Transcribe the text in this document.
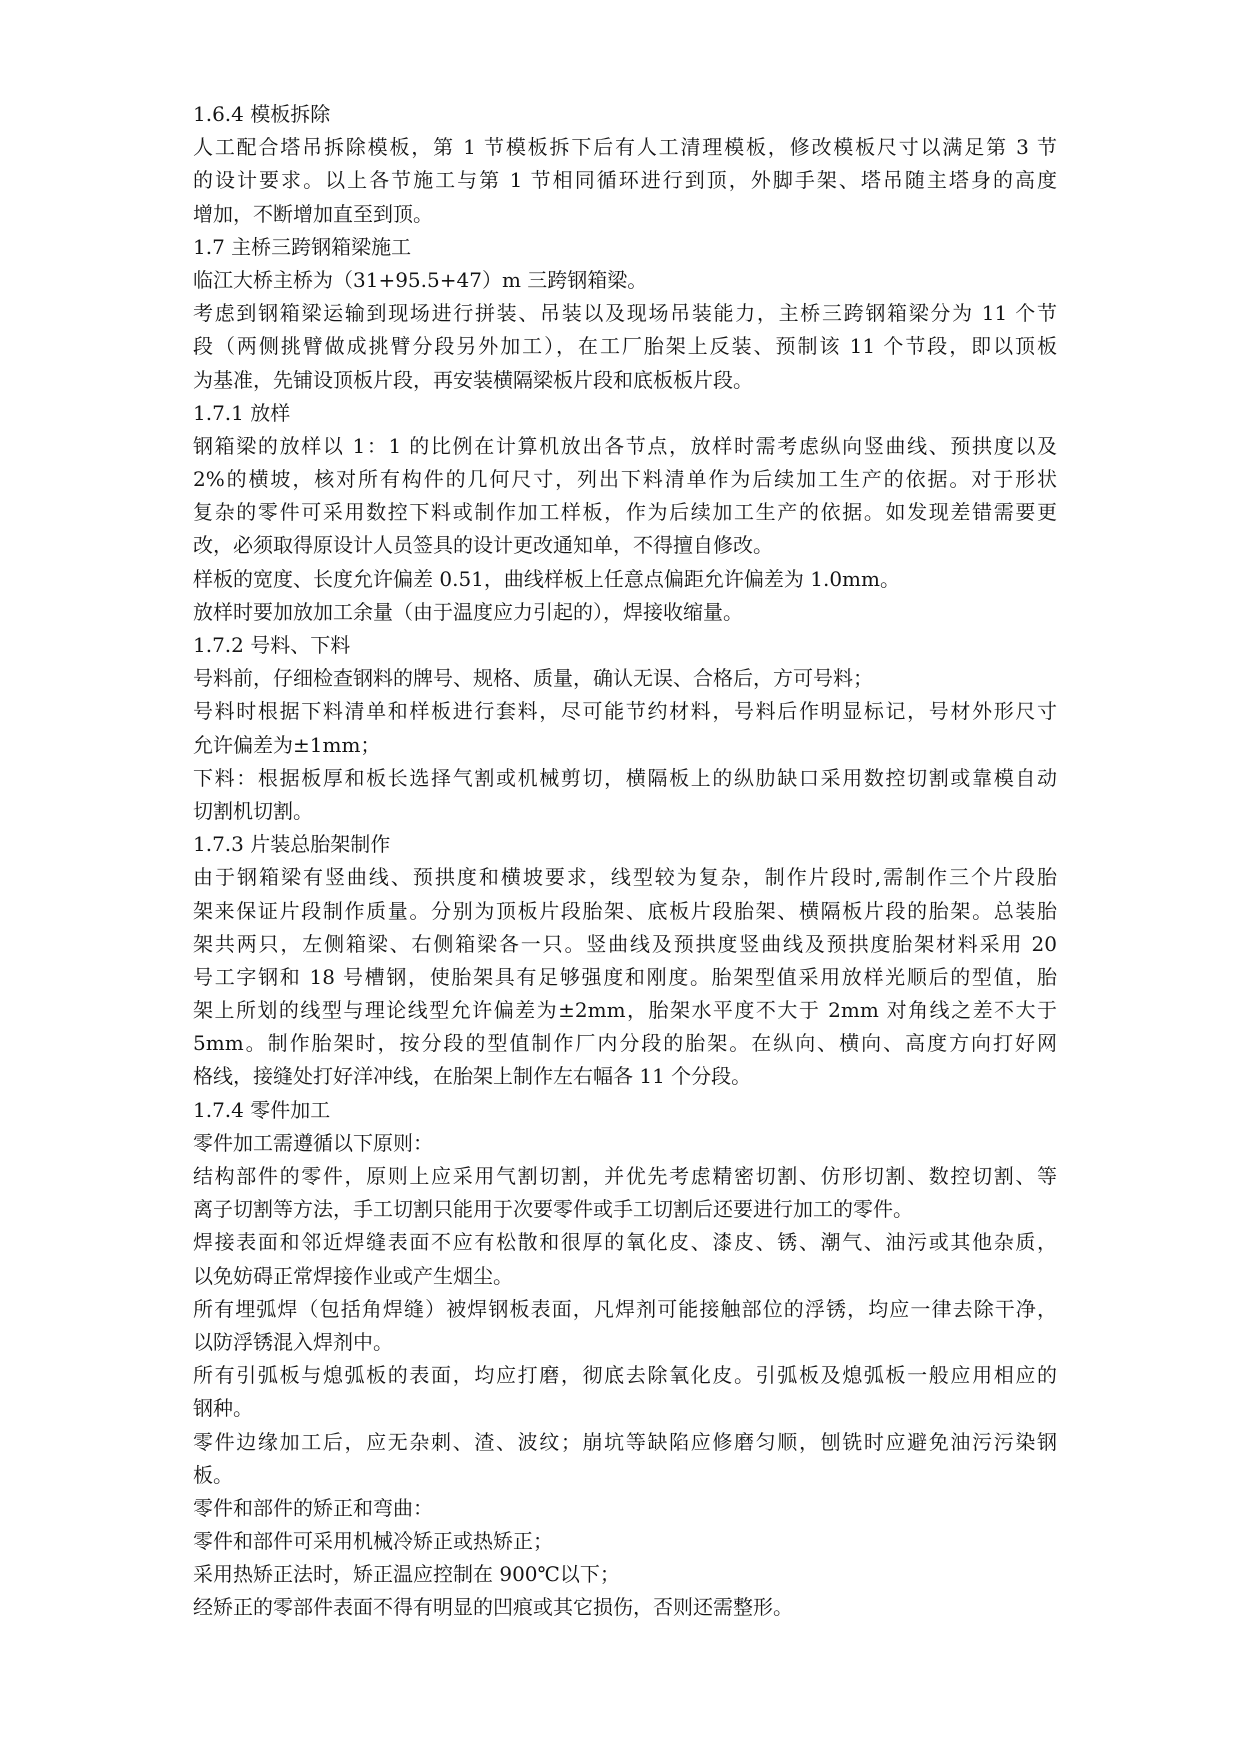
1.6.4 模板拆除
人工配合塔吊拆除模板，第 1 节模板拆下后有人工清理模板，修改模板尺寸以满足第 3 节
的设计要求。以上各节施工与第 1 节相同循环进行到顶，外脚手架、塔吊随主塔身的高度
增加，不断增加直至到顶。
1.7 主桥三跨钢箱梁施工
临江大桥主桥为（31+95.5+47）m 三跨钢箱梁。
考虑到钢箱梁运输到现场进行拼装、吊装以及现场吊装能力，主桥三跨钢箱梁分为 11 个节
段（两侧挑臂做成挑臂分段另外加工），在工厂胎架上反装、预制该 11 个节段，即以顶板
为基准，先铺设顶板片段，再安装横隔梁板片段和底板板片段。
1.7.1 放样
钢箱梁的放样以 1：1 的比例在计算机放出各节点，放样时需考虑纵向竖曲线、预拱度以及
2%的横坡，核对所有构件的几何尺寸，列出下料清单作为后续加工生产的依据。对于形状
复杂的零件可采用数控下料或制作加工样板，作为后续加工生产的依据。如发现差错需要更
改，必须取得原设计人员签具的设计更改通知单，不得擅自修改。
样板的宽度、长度允许偏差 0.51，曲线样板上任意点偏距允许偏差为 1.0mm。
放样时要加放加工余量（由于温度应力引起的），焊接收缩量。
1.7.2 号料、下料
号料前，仔细检查钢料的牌号、规格、质量，确认无误、合格后，方可号料；
号料时根据下料清单和样板进行套料，尽可能节约材料，号料后作明显标记，号材外形尺寸
允许偏差为±1mm；
下料：根据板厚和板长选择气割或机械剪切，横隔板上的纵肋缺口采用数控切割或靠模自动
切割机切割。
1.7.3 片装总胎架制作
由于钢箱梁有竖曲线、预拱度和横坡要求，线型较为复杂，制作片段时,需制作三个片段胎
架来保证片段制作质量。分别为顶板片段胎架、底板片段胎架、横隔板片段的胎架。总装胎
架共两只，左侧箱梁、右侧箱梁各一只。竖曲线及预拱度竖曲线及预拱度胎架材料采用 20
号工字钢和 18 号槽钢，使胎架具有足够强度和刚度。胎架型值采用放样光顺后的型值，胎
架上所划的线型与理论线型允许偏差为±2mm，胎架水平度不大于 2mm 对角线之差不大于
5mm。制作胎架时，按分段的型值制作厂内分段的胎架。在纵向、横向、高度方向打好网
格线，接缝处打好洋冲线，在胎架上制作左右幅各 11 个分段。
1.7.4 零件加工
零件加工需遵循以下原则：
结构部件的零件，原则上应采用气割切割，并优先考虑精密切割、仿形切割、数控切割、等
离子切割等方法，手工切割只能用于次要零件或手工切割后还要进行加工的零件。
焊接表面和邻近焊缝表面不应有松散和很厚的氧化皮、漆皮、锈、潮气、油污或其他杂质，
以免妨碍正常焊接作业或产生烟尘。
所有埋弧焊（包括角焊缝）被焊钢板表面，凡焊剂可能接触部位的浮锈，均应一律去除干净，
以防浮锈混入焊剂中。
所有引弧板与熄弧板的表面，均应打磨，彻底去除氧化皮。引弧板及熄弧板一般应用相应的
钢种。
零件边缘加工后，应无杂刺、渣、波纹；崩坑等缺陷应修磨匀顺，刨铣时应避免油污污染钢
板。
零件和部件的矫正和弯曲：
零件和部件可采用机械冷矫正或热矫正；
采用热矫正法时，矫正温应控制在 900℃以下；
经矫正的零部件表面不得有明显的凹痕或其它损伤，否则还需整形。
